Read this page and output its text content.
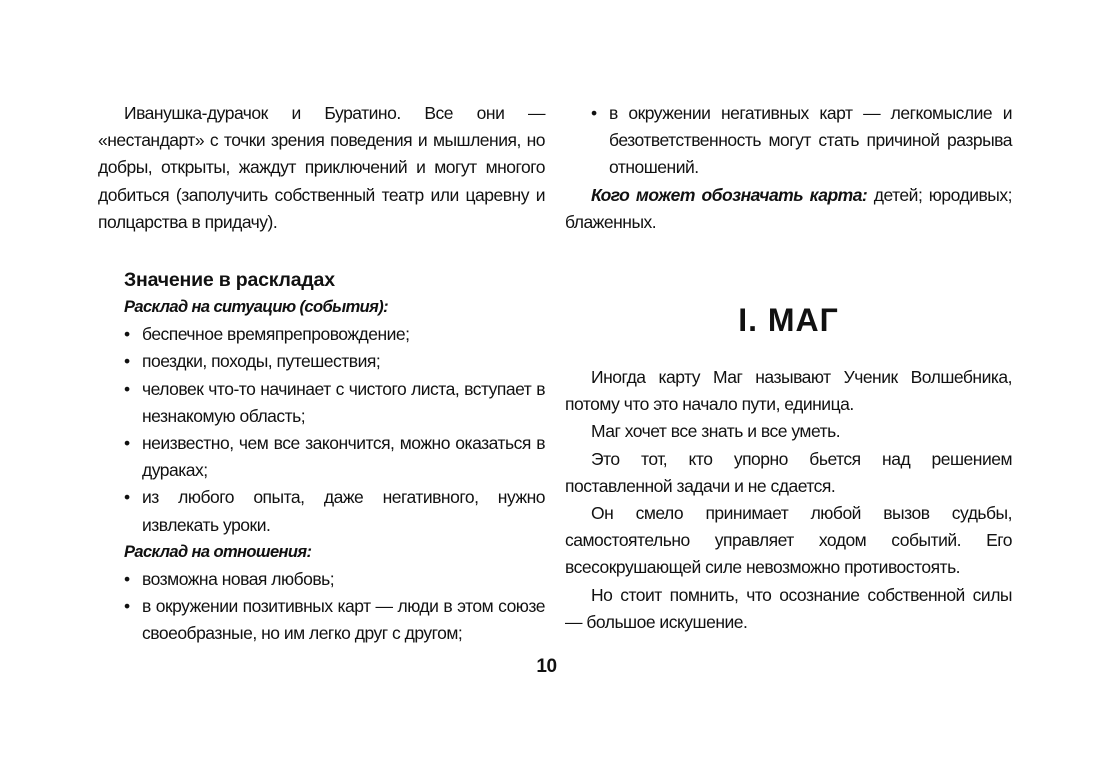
Иванушка-дурачок и Буратино. Все они — «нестандарт» с точки зрения поведения и мышления, но добры, открыты, жаждут приключений и могут многого добиться (заполучить собственный театр или царевну и полцарства в придачу).

Значение в раскладах
Расклад на ситуацию (события):
• беспечное времяпрепровождение;
• поездки, походы, путешествия;
• человек что-то начинает с чистого листа, вступает в незнакомую область;
• неизвестно, чем все закончится, можно оказаться в дураках;
• из любого опыта, даже негативного, нужно извлекать уроки.
Расклад на отношения:
• возможна новая любовь;
• в окружении позитивных карт — люди в этом союзе своеобразные, но им легко друг с другом;
• в окружении негативных карт — легкомыслие и безответственность могут стать причиной разрыва отношений.

Кого может обозначать карта: детей; юродивых; блаженных.

I. МАГ

Иногда карту Маг называют Ученик Волшебника, потому что это начало пути, единица.

Маг хочет все знать и все уметь.

Это тот, кто упорно бьется над решением поставленной задачи и не сдается.

Он смело принимает любой вызов судьбы, самостоятельно управляет ходом событий. Его всесокрушающей силе невозможно противостоять.

Но стоит помнить, что осознание собственной силы — большое искушение.

10
